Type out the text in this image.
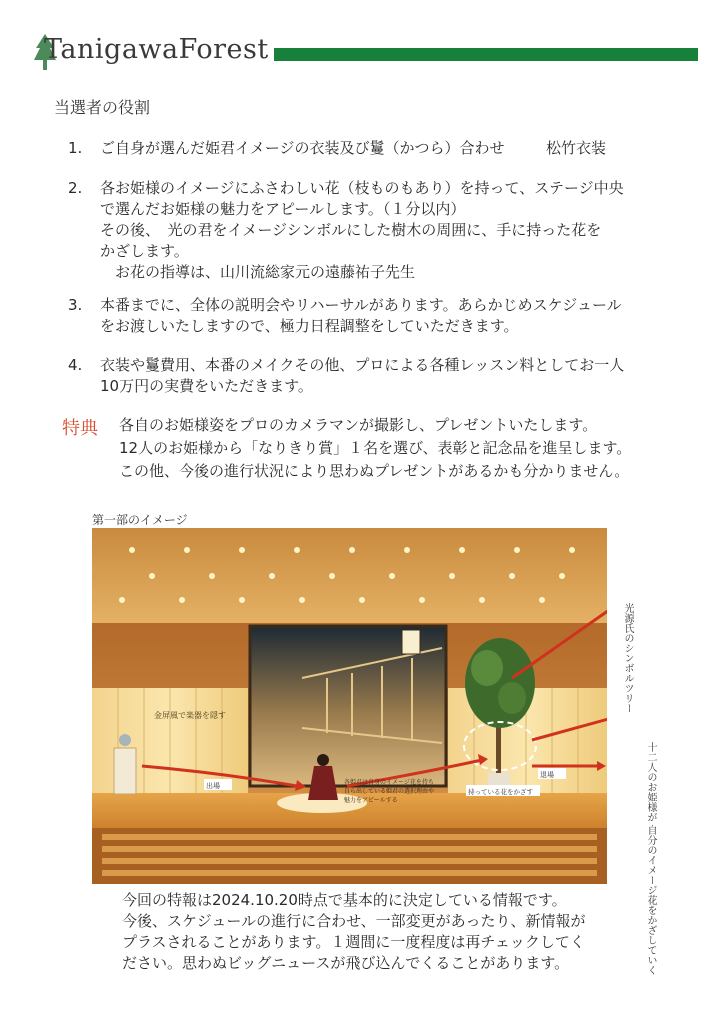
TanigawaForest
当選者の役割
1. ご自身が選んだ姫君イメージの衣装及び鬘（かつら）合わせ	松竹衣装
2. 各お姫様のイメージにふさわしい花（枝ものもあり）を持って、ステージ中央
で選んだお姫様の魅力をアピールします。（１分以内）
その後、　光の君をイメージシンボルにした樹木の周囲に、手に持った花を
かざします。
　お花の指導は、山川流総家元の遠藤祐子先生
3. 本番までに、全体の説明会やリハーサルがあります。あらかじめスケジュール
をお渡しいたしますので、極力日程調整をしていただきます。
4. 衣装や鬘費用、本番のメイクその他、プロによる各種レッスン料としてお一人
10万円の実費をいただきます。
特典 各自のお姫様姿をプロのカメラマンが撮影し、プレゼントいたします。
12人のお姫様から「なりきり賞」１名を選び、表彰と記念品を進呈します。
この他、今後の進行状況により思わぬプレゼントがあるかも分かりません。
第一部のイメージ
金屏風で楽器を隠す
出場
退場
持っている花をかざす
各姫君は自身のイメージ花を持ち
自ら出している姫君の選択理由や
魅力をアピールする
光源氏のシンボルツリー
十二人のお姫様が 自分のイメージ花をかざしていく
今回の特報は2024.10.20時点で基本的に決定している情報です。
今後、スケジュールの進行に合わせ、一部変更があったり、新情報が
プラスされることがあります。１週間に一度程度は再チェックしてく
ださい。思わぬビッグニュースが飛び込んでくることがあります。
